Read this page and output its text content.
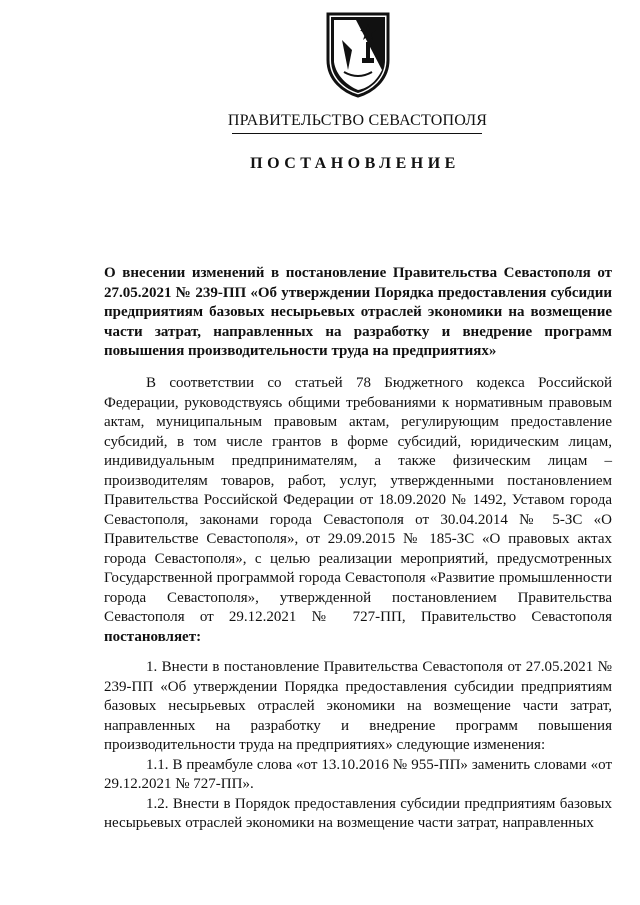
ПРАВИТЕЛЬСТВО СЕВАСТОПОЛЯ
ПОСТАНОВЛЕНИЕ
О внесении изменений в постановление Правительства Севастополя от 27.05.2021 № 239-ПП «Об утверждении Порядка предоставления субсидии предприятиям базовых несырьевых отраслей экономики на возмещение части затрат, направленных на разработку и внедрение программ повышения производительности труда на предприятиях»

В соответствии со статьей 78 Бюджетного кодекса Российской Федерации, руководствуясь общими требованиями к нормативным правовым актам, муниципальным правовым актам, регулирующим предоставление субсидий, в том числе грантов в форме субсидий, юридическим лицам, индивидуальным предпринимателям, а также физическим лицам – производителям товаров, работ, услуг, утвержденными постановлением Правительства Российской Федерации от 18.09.2020 № 1492, Уставом города Севастополя, законами города Севастополя от 30.04.2014 № 5-ЗС «О Правительстве Севастополя», от 29.09.2015 № 185-ЗС «О правовых актах города Севастополя», с целью реализации мероприятий, предусмотренных Государственной программой города Севастополя «Развитие промышленности города Севастополя», утвержденной постановлением Правительства Севастополя от 29.12.2021 № 727-ПП, Правительство Севастополя постановляет:

1. Внести в постановление Правительства Севастополя от 27.05.2021 № 239-ПП «Об утверждении Порядка предоставления субсидии предприятиям базовых несырьевых отраслей экономики на возмещение части затрат, направленных на разработку и внедрение программ повышения производительности труда на предприятиях» следующие изменения:

1.1. В преамбуле слова «от 13.10.2016 № 955-ПП» заменить словами «от 29.12.2021 № 727-ПП».

1.2. Внести в Порядок предоставления субсидии предприятиям базовых несырьевых отраслей экономики на возмещение части затрат, направленных
